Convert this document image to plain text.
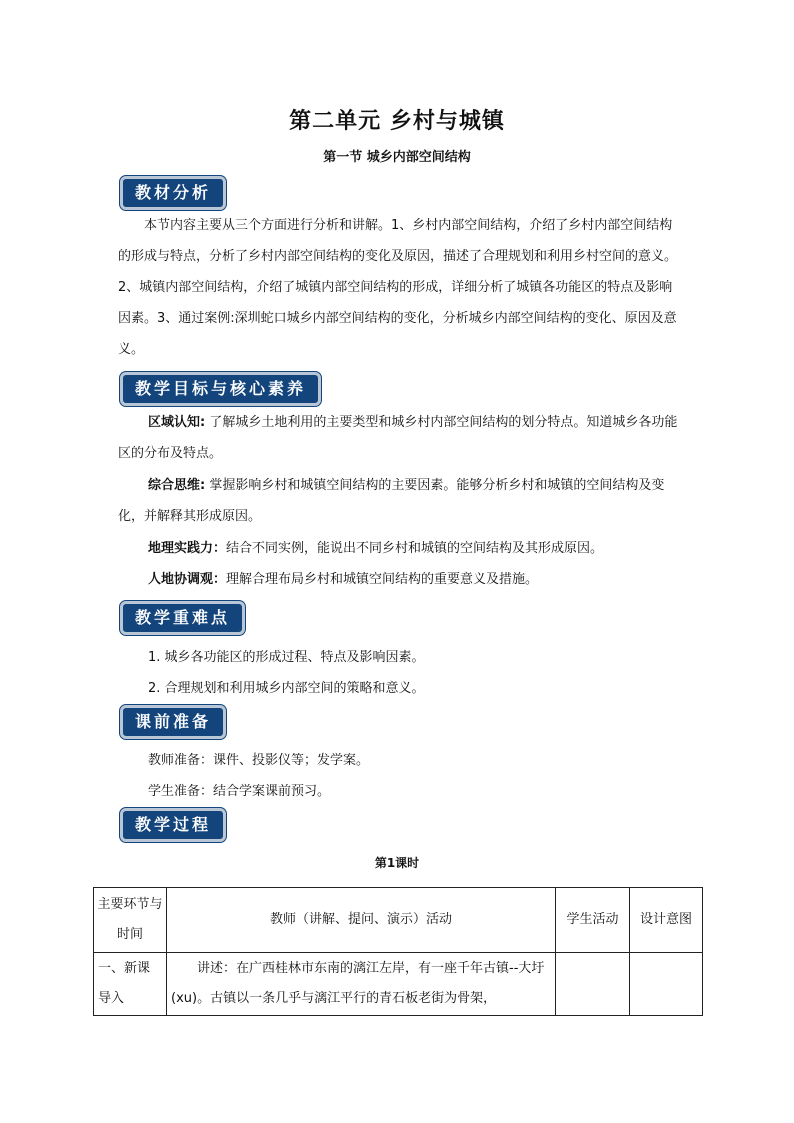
第二单元 乡村与城镇
第一节 城乡内部空间结构
教材分析
本节内容主要从三个方面进行分析和讲解。1、乡村内部空间结构，介绍了乡村内部空间结构的形成与特点，分析了乡村内部空间结构的变化及原因，描述了合理规划和利用乡村空间的意义。2、城镇内部空间结构，介绍了城镇内部空间结构的形成，详细分析了城镇各功能区的特点及影响因素。3、通过案例:深圳蛇口城乡内部空间结构的变化，分析城乡内部空间结构的变化、原因及意义。
教学目标与核心素养
区域认知: 了解城乡土地利用的主要类型和城乡村内部空间结构的划分特点。知道城乡各功能区的分布及特点。
综合思维: 掌握影响乡村和城镇空间结构的主要因素。能够分析乡村和城镇的空间结构及变化，并解释其形成原因。
地理实践力：结合不同实例，能说出不同乡村和城镇的空间结构及其形成原因。
人地协调观：理解合理布局乡村和城镇空间结构的重要意义及措施。
教学重难点
1. 城乡各功能区的形成过程、特点及影响因素。
2. 合理规划和利用城乡内部空间的策略和意义。
课前准备
教师准备：课件、投影仪等；发学案。
学生准备：结合学案课前预习。
教学过程
第1课时
主要环节与时间	教师（讲解、提问、演示）活动	学生活动	设计意图
一、新课导入	讲述：在广西桂林市东南的漓江左岸，有一座千年古镇--大圩(xu)。古镇以一条几乎与漓江平行的青石板老街为骨架，		
